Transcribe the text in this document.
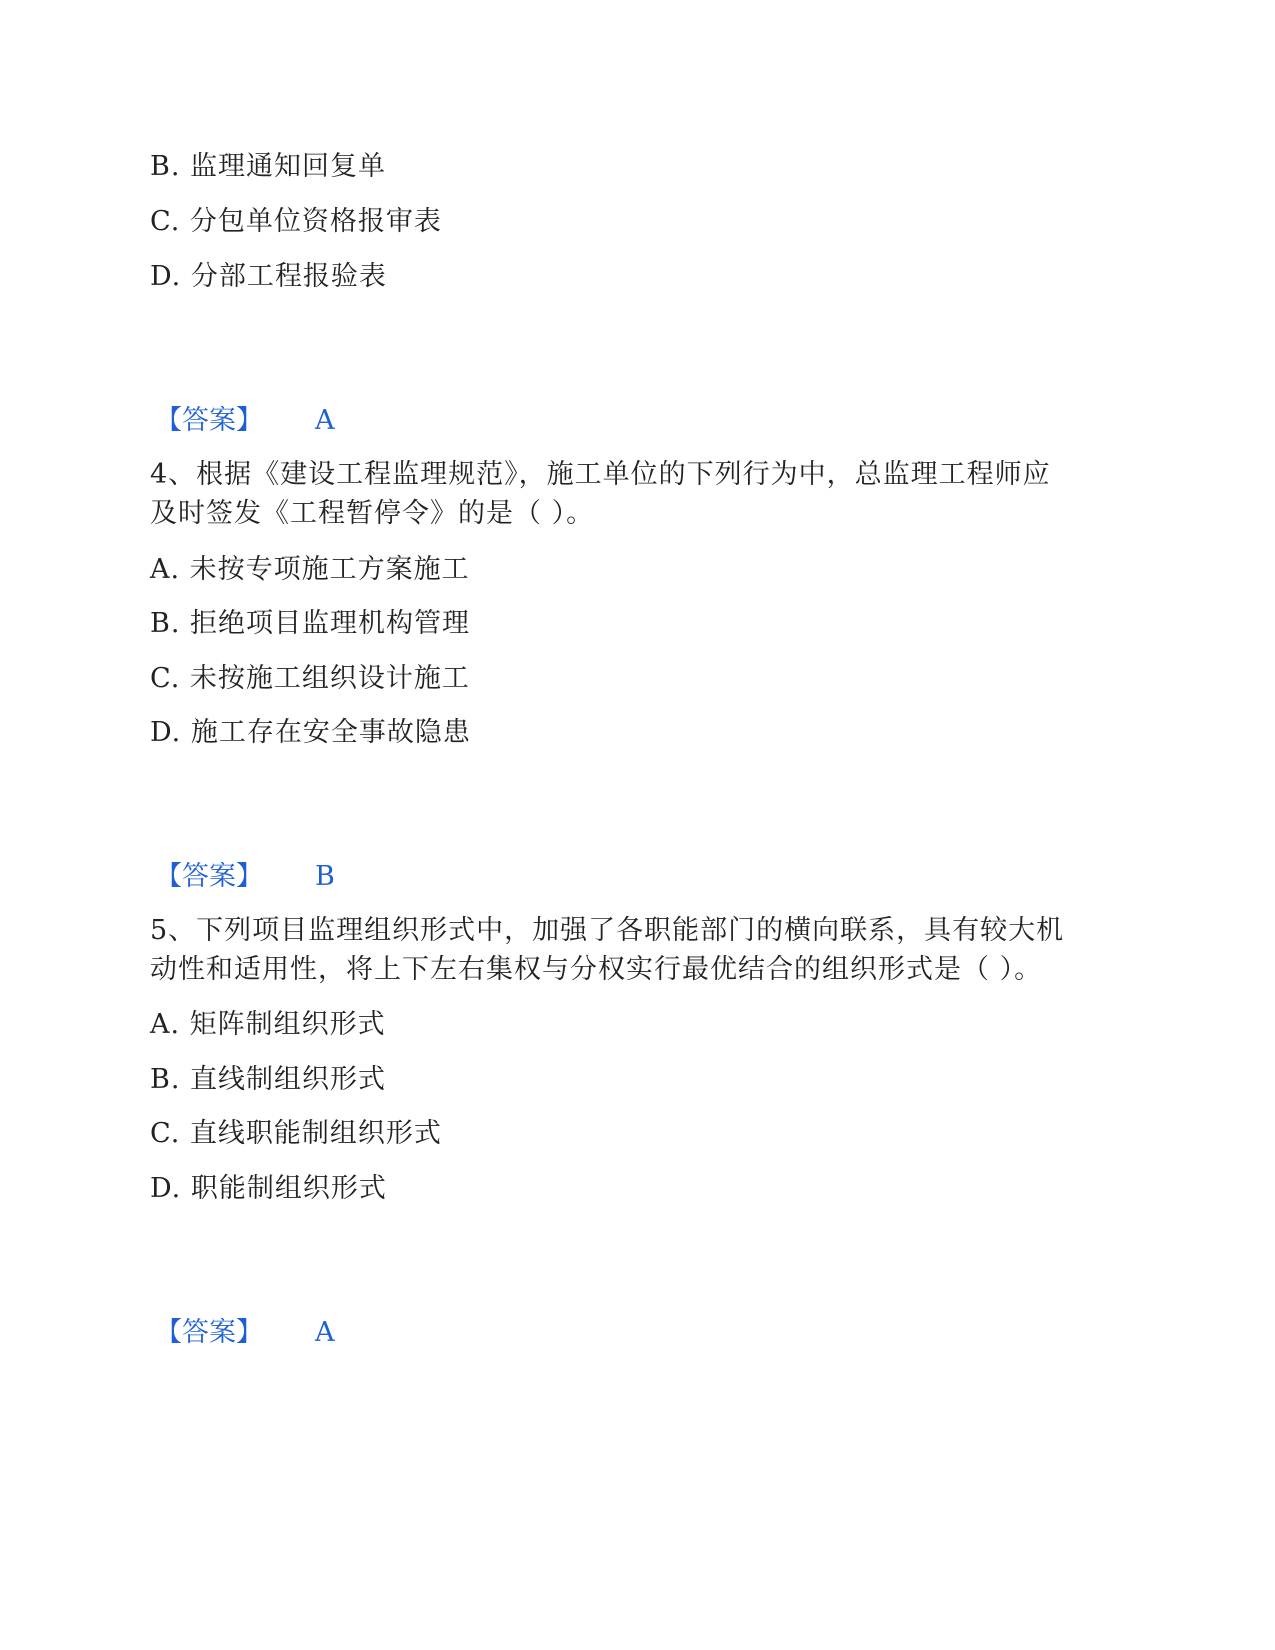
B. 监理通知回复单
C. 分包单位资格报审表
D. 分部工程报验表
【答案】 A
4、根据《建设工程监理规范》，施工单位的下列行为中，总监理工程师应
及时签发《工程暂停令》的是（ ）。
A. 未按专项施工方案施工
B. 拒绝项目监理机构管理
C. 未按施工组织设计施工
D. 施工存在安全事故隐患
【答案】 B
5、下列项目监理组织形式中，加强了各职能部门的横向联系，具有较大机
动性和适用性，将上下左右集权与分权实行最优结合的组织形式是（ ）。
A. 矩阵制组织形式
B. 直线制组织形式
C. 直线职能制组织形式
D. 职能制组织形式
【答案】 A
